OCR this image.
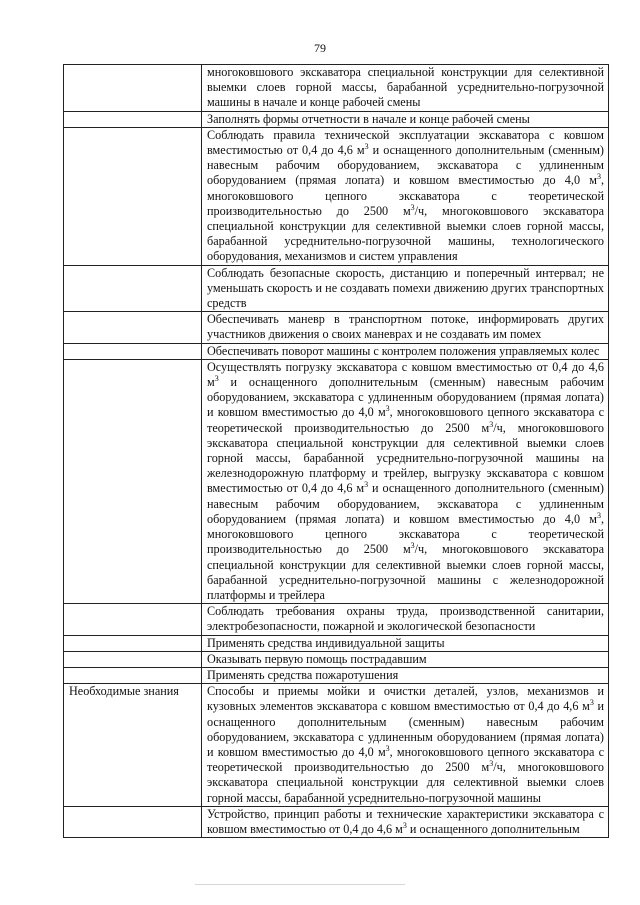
79
	многоковшового экскаватора специальной конструкции для селективной выемки слоев горной массы, барабанной усреднительно-погрузочной машины в начале и конце рабочей смены
	Заполнять формы отчетности в начале и конце рабочей смены
	Соблюдать правила технической эксплуатации экскаватора с ковшом вместимостью от 0,4 до 4,6 $м^3$ и оснащенного дополнительным (сменным) навесным рабочим оборудованием, экскаватора с удлиненным оборудованием (прямая лопата) и ковшом вместимостью до 4,0 $м^3$, многоковшового цепного экскаватора с теоретической производительностью до 2500 $м^3/ч$, многоковшового экскаватора специальной конструкции для селективной выемки слоев горной массы, барабанной усреднительно-погрузочной машины, технологического оборудования, механизмов и систем управления
	Соблюдать безопасные скорость, дистанцию и поперечный интервал; не уменьшать скорость и не создавать помехи движению других транспортных средств
	Обеспечивать маневр в транспортном потоке, информировать других участников движения о своих маневрах и не создавать им помех
	Обеспечивать поворот машины с контролем положения управляемых колес
	Осуществлять погрузку экскаватора с ковшом вместимостью от 0,4 до 4,6 $м^3$ и оснащенного дополнительным (сменным) навесным рабочим оборудованием, экскаватора с удлиненным оборудованием (прямая лопата) и ковшом вместимостью до 4,0 $м^3$, многоковшового цепного экскаватора с теоретической производительностью до 2500 $м^3/ч$, многоковшового экскаватора специальной конструкции для селективной выемки слоев горной массы, барабанной усреднительно-погрузочной машины на железнодорожную платформу и трейлер, выгрузку экскаватора с ковшом вместимостью от 0,4 до 4,6 $м^3$ и оснащенного дополнительного (сменным) навесным рабочим оборудованием, экскаватора с удлиненным оборудованием (прямая лопата) и ковшом вместимостью до 4,0 $м^3$, многоковшового цепного экскаватора с теоретической производительностью до 2500 $м^3/ч$, многоковшового экскаватора специальной конструкции для селективной выемки слоев горной массы, барабанной усреднительно-погрузочной машины с железнодорожной платформы и трейлера
	Соблюдать требования охраны труда, производственной санитарии, электробезопасности, пожарной и экологической безопасности
	Применять средства индивидуальной защиты
	Оказывать первую помощь пострадавшим
	Применять средства пожаротушения
Необходимые знания	Способы и приемы мойки и очистки деталей, узлов, механизмов и кузовных элементов экскаватора с ковшом вместимостью от 0,4 до 4,6 $м^3$ и оснащенного дополнительным (сменным) навесным рабочим оборудованием, экскаватора с удлиненным оборудованием (прямая лопата) и ковшом вместимостью до 4,0 $м^3$, многоковшового цепного экскаватора с теоретической производительностью до 2500 $м^3/ч$, многоковшового экскаватора специальной конструкции для селективной выемки слоев горной массы, барабанной усреднительно-погрузочной машины
	Устройство, принцип работы и технические характеристики экскаватора с ковшом вместимостью от 0,4 до 4,6 $м^3$ и оснащенного дополнительным
